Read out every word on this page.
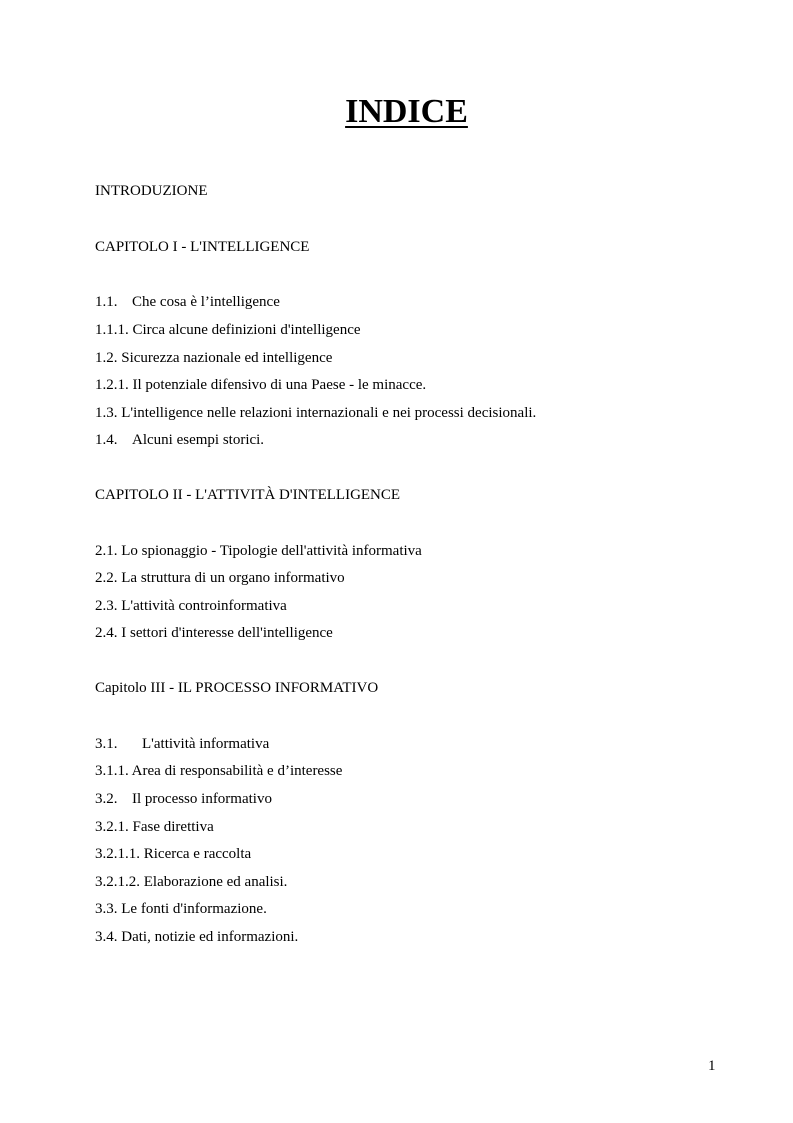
INDICE

INTRODUZIONE

CAPITOLO I - L'INTELLIGENCE

1.1. Che cosa è l’intelligence

1.1.1. Circa alcune definizioni d'intelligence

1.2. Sicurezza nazionale ed intelligence

1.2.1. Il potenziale difensivo di una Paese - le minacce.

1.3. L'intelligence nelle relazioni internazionali e nei processi decisionali.

1.4. Alcuni esempi storici.

CAPITOLO II - L'ATTIVITÀ D'INTELLIGENCE

2.1. Lo spionaggio - Tipologie dell'attività informativa

2.2. La struttura di un organo informativo

2.3. L'attività controinformativa

2.4. I settori d'interesse dell'intelligence

Capitolo III - IL PROCESSO INFORMATIVO

3.1. L'attività informativa

3.1.1. Area di responsabilità e d’interesse

3.2. Il processo informativo

3.2.1. Fase direttiva

3.2.1.1. Ricerca e raccolta

3.2.1.2. Elaborazione ed analisi.

3.3. Le fonti d'informazione.

3.4. Dati, notizie ed informazioni.

1
